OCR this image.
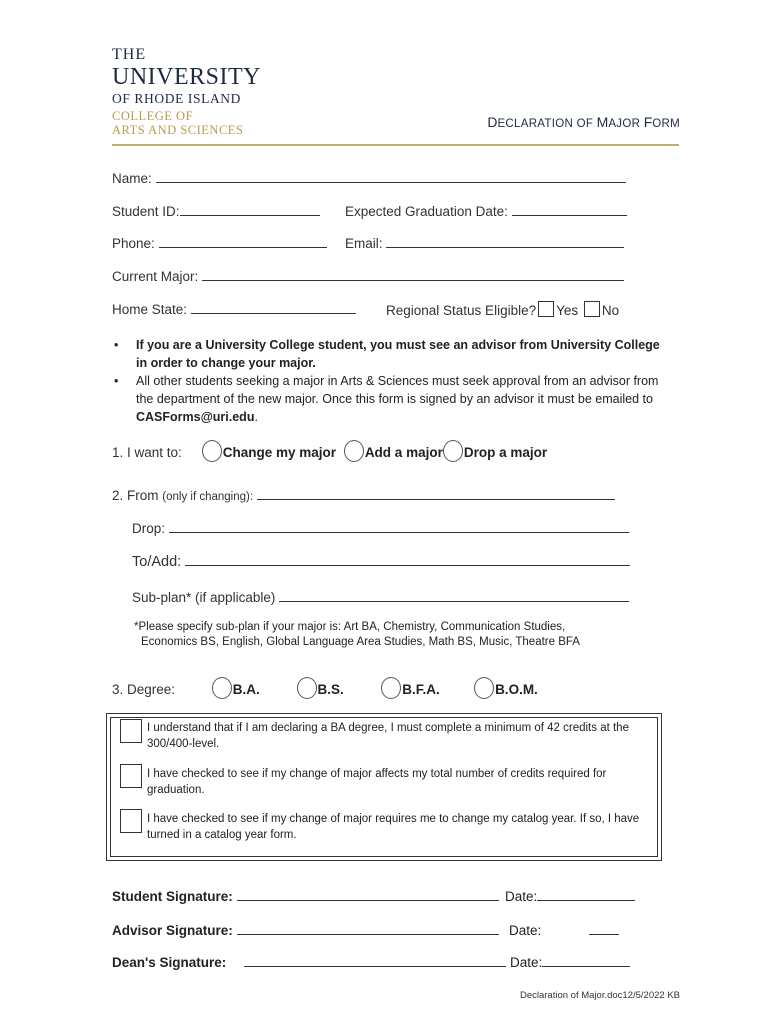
THE
UNIVERSITY
OF RHODE ISLAND
COLLEGE OF
ARTS AND SCIENCES	DECLARATION OF MAJOR FORM
Name:
Student ID:	Expected Graduation Date:
Phone:	Email:
Current Major:
Home State:	Regional Status Eligible? Yes No
• If you are a University College student, you must see an advisor from University College in order to change your major.
• All other students seeking a major in Arts & Sciences must seek approval from an advisor from the department of the new major. Once this form is signed by an advisor it must be emailed to CASForms@uri.edu.
1. I want to:	Change my major Add a major Drop a major
2. From (only if changing):
Drop:
To/Add:
Sub-plan* (if applicable)
*Please specify sub-plan if your major is: Art BA, Chemistry, Communication Studies,
Economics BS, English, Global Language Area Studies, Math BS, Music, Theatre BFA
3. Degree:	B.A.	B.S.	B.F.A.	B.O.M.
I understand that if I am declaring a BA degree, I must complete a minimum of 42 credits at the 300/400-level.
I have checked to see if my change of major affects my total number of credits required for graduation.
I have checked to see if my change of major requires me to change my catalog year. If so, I have turned in a catalog year form.
Student Signature:	Date:
Advisor Signature:	Date:
Dean's Signature:	Date:
Declaration of Major.doc12/5/2022 KB
